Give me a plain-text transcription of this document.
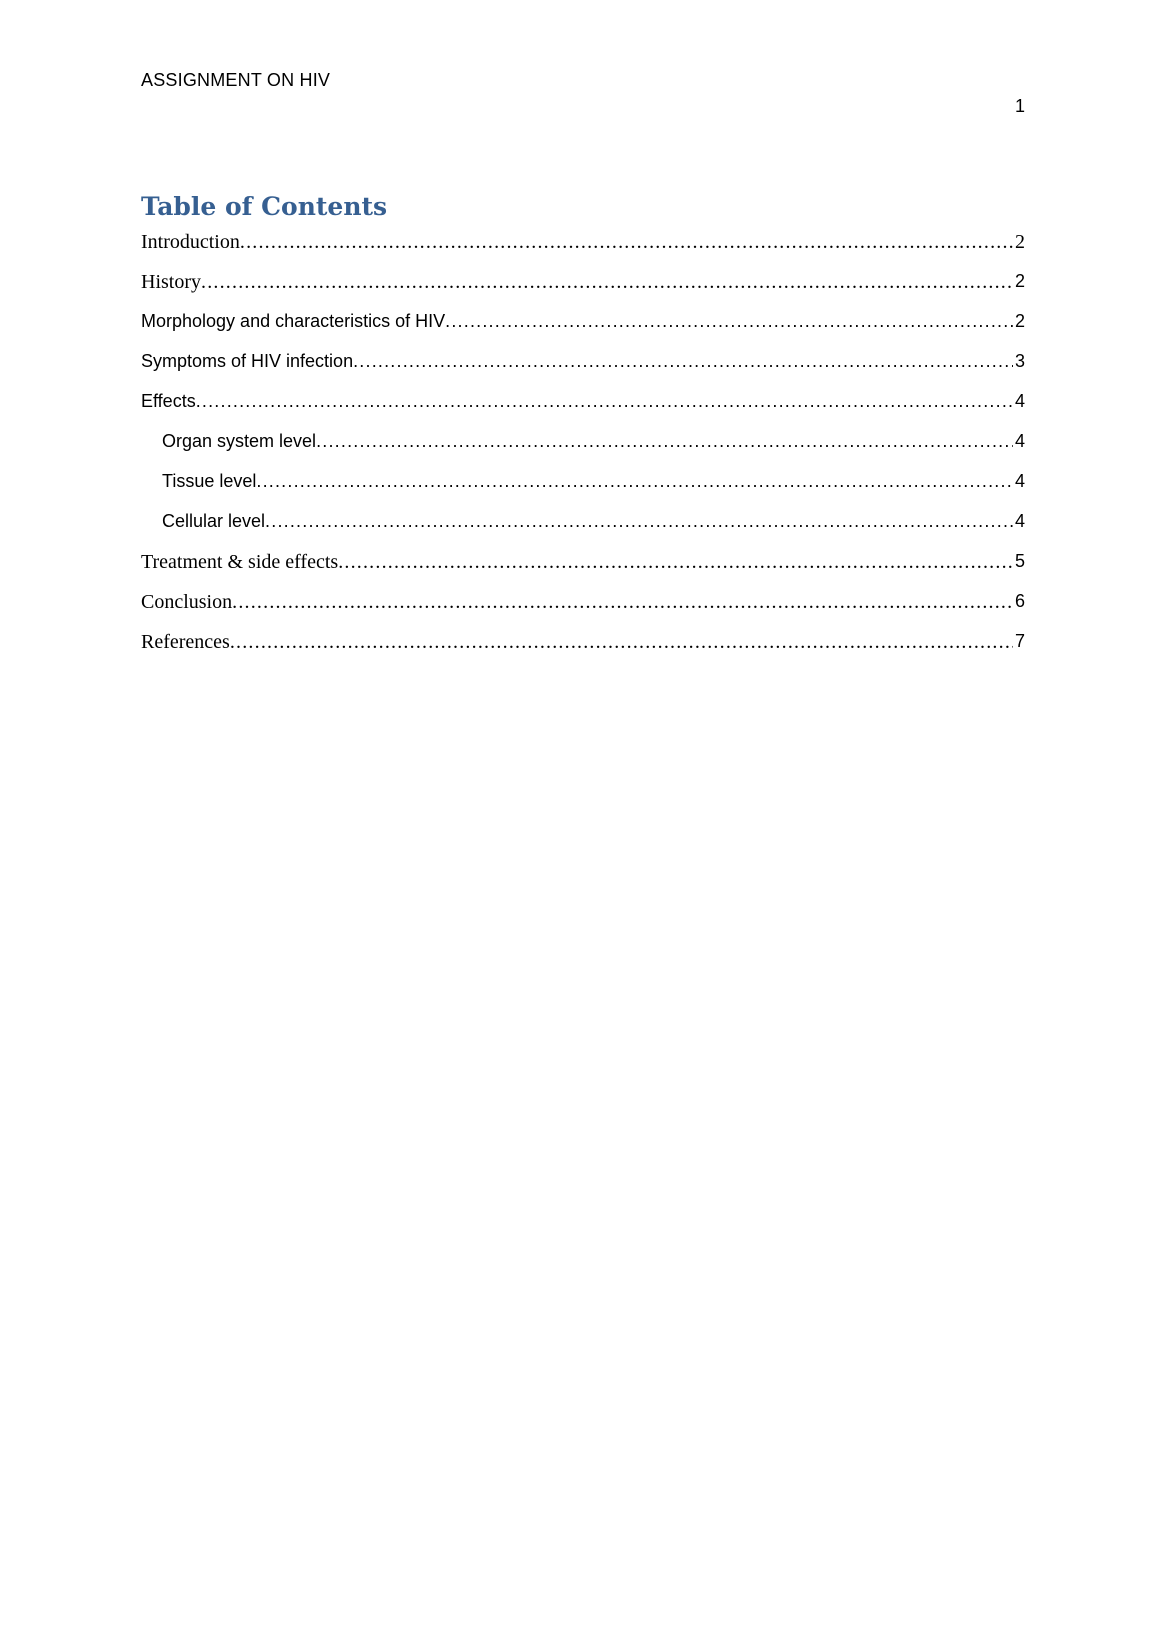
ASSIGNMENT ON HIV
1
Table of Contents
Introduction .....	2
History .....	2
Morphology and characteristics of HIV .....	2
Symptoms of HIV infection .....	3
Effects .....	4
Organ system level .....	4
Tissue level .....	4
Cellular level .....	4
Treatment & side effects .....	5
Conclusion .....	6
References .....	7
